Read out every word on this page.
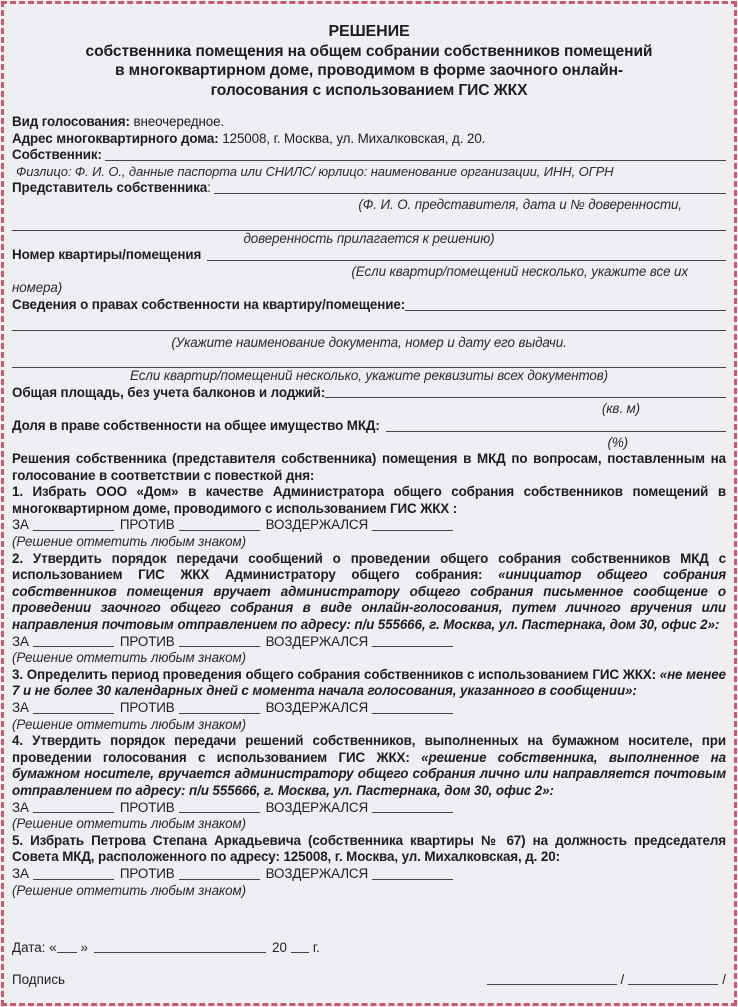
РЕШЕНИЕ
собственника помещения на общем собрании собственников помещений
в многоквартирном доме, проводимом в форме заочного онлайн-
голосования с использованием ГИС ЖКХ
Вид голосования: внеочередное.
Адрес многоквартирного дома: 125008, г. Москва, ул. Михалковская, д. 20.
Собственник:
Физлицо: Ф. И. О., данные паспорта или СНИЛС/ юрлицо: наименование организации, ИНН, ОГРН
Представитель собственника :
(Ф. И. О. представителя, дата и № доверенности,
доверенность прилагается к решению)
Номер квартиры/помещения
(Если квартир/помещений несколько, укажите все их
номера)
Сведения о правах собственности на квартиру/помещение:
(Укажите наименование документа, номер и дату его выдачи.
Если квартир/помещений несколько, укажите реквизиты всех документов)
Общая площадь, без учета балконов и лоджий:
(кв. м)
Доля в праве собственности на общее имущество МКД:
(%)
Решения собственника (представителя собственника) помещения в МКД по вопросам, поставленным на голосование в соответствии с повесткой дня:
1. Избрать ООО «Дом» в качестве Администратора общего собрания собственников помещений в многоквартирном доме, проводимого с использованием ГИС ЖКХ :
ЗА	ПРОТИВ	ВОЗДЕРЖАЛСЯ
(Решение отметить любым знаком)
2. Утвердить порядок передачи сообщений о проведении общего собрания собственников МКД с использованием ГИС ЖКХ Администратору общего собрания: «инициатор общего собрания собственников помещения вручает администратору общего собрания письменное сообщение о проведении заочного общего собрания в виде онлайн-голосования, путем личного вручения или направления почтовым отправлением по адресу: п/и 555666, г. Москва, ул. Пастернака, дом 30, офис 2»:
ЗА	ПРОТИВ	ВОЗДЕРЖАЛСЯ
(Решение отметить любым знаком)
3. Определить период проведения общего собрания собственников с использованием ГИС ЖКХ: «не менее 7 и не более 30 календарных дней с момента начала голосования, указанного в сообщении»:
ЗА	ПРОТИВ	ВОЗДЕРЖАЛСЯ
(Решение отметить любым знаком)
4. Утвердить порядок передачи решений собственников, выполненных на бумажном носителе, при проведении голосования с использованием ГИС ЖКХ: «решение собственника, выполненное на бумажном носителе, вручается администратору общего собрания лично или направляется почтовым отправлением по адресу: п/и 555666, г. Москва, ул. Пастернака, дом 30, офис 2»:
ЗА	ПРОТИВ	ВОЗДЕРЖАЛСЯ
(Решение отметить любым знаком)
5. Избрать Петрова Степана Аркадьевича (собственника квартиры № 67) на должность председателя Совета МКД, расположенного по адресу: 125008, г. Москва, ул. Михалковская, д. 20:
ЗА	ПРОТИВ	ВОЗДЕРЖАЛСЯ
(Решение отметить любым знаком)
Дата: « »	20 г.
Подпись	/	/
